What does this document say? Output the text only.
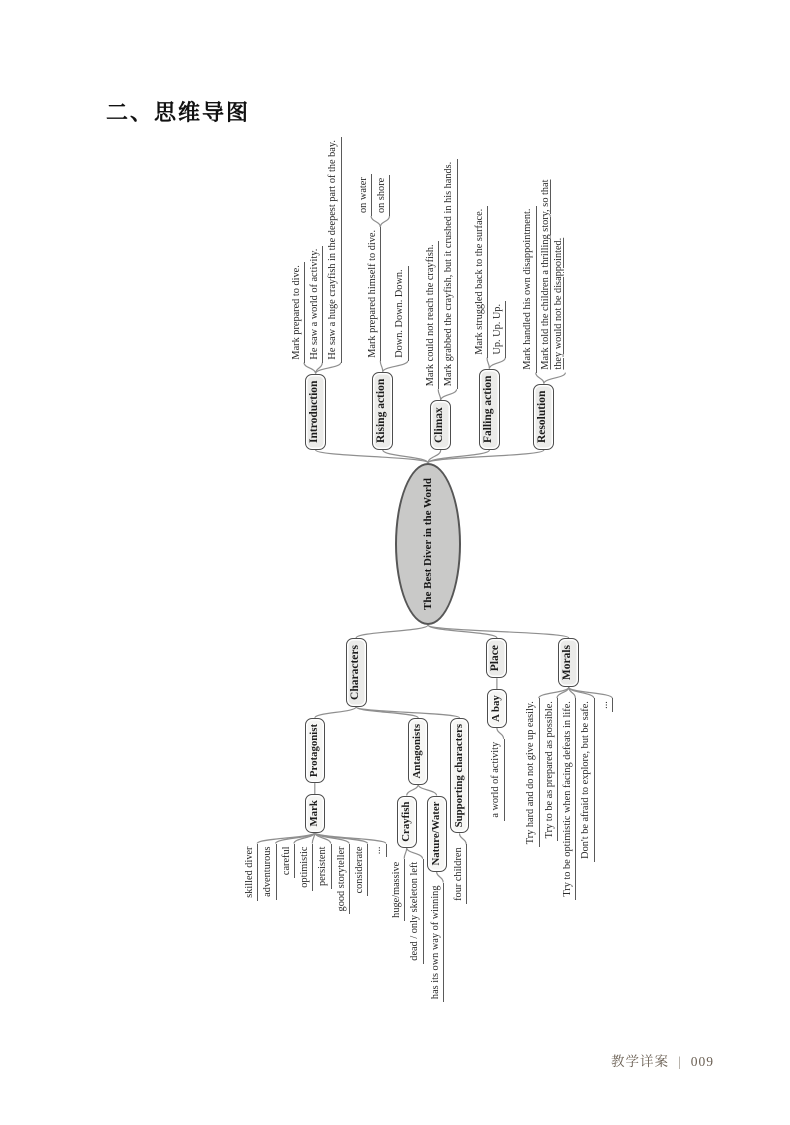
二、思维导图
Characters
Protagonist
Mark
skilled diver adventurous careful optimistic persistent good storyteller considerate ...
Antagonists
Crayfish
huge/massive dead / only skeleton left
Nature/Water
has its own way of winning
Supporting characters
four children
Place
A bay
a world of activity
Morals
Try hard and do not give up easily. Try to be as prepared as possible. Try to be optimistic when facing defeats in life. Don't be afraid to explore, but be safe. ...
The Best Diver in the World
Introduction
Mark prepared to dive. He saw a world of activity. He saw a huge crayfish in the deepest part of the bay.
Rising action
Mark prepared himself to dive.
on water on shore
Down. Down. Down.
Climax
Mark could not reach the crayfish. Mark grabbed the crayfish, but it crushed in his hands.
Falling action
Mark struggled back to the surface. Up. Up. Up.
Resolution
Mark handled his own disappointment. Mark told the children a thrilling story, so that they would not be disappointed.
教学详案 | 009
